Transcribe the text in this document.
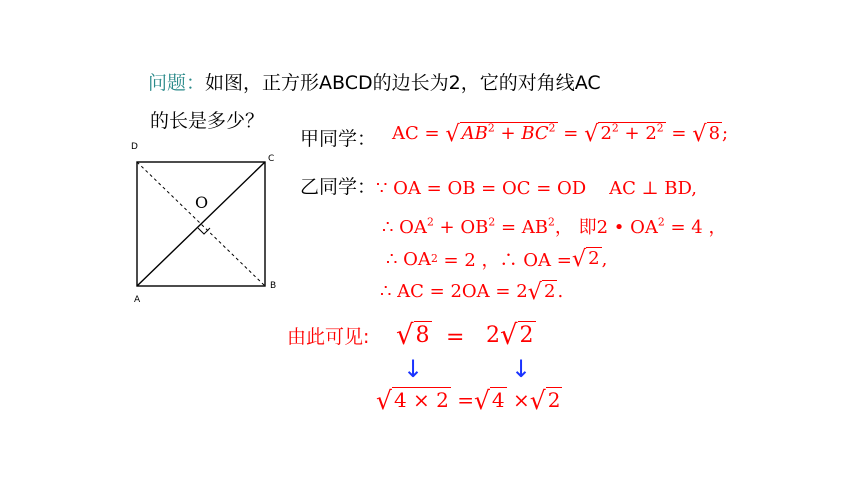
问题：如图，正方形ABCD的边长为2，它的对角线AC
的长是多少？
D
C
A
B
O
甲同学： AC =
√ $AB^2 + BC^2$
=
√ $2^2 + 2^2$
=
√ 8 ;
乙同学： ∵ OA = OB = OC = OD AC ⊥ BD,
∴ $OA^2 + OB^2 = AB^2$， 即2 • $OA^2 = 4$ ，
∴ OA 2
= 2 ，∴ OA = √ 2 ,
∴ AC = 2OA = 2 √ 2 .
由此可见: √ 8 = 2 √ 2
↓	↓
√ 4 × 2
= √ 4
× √ 2
